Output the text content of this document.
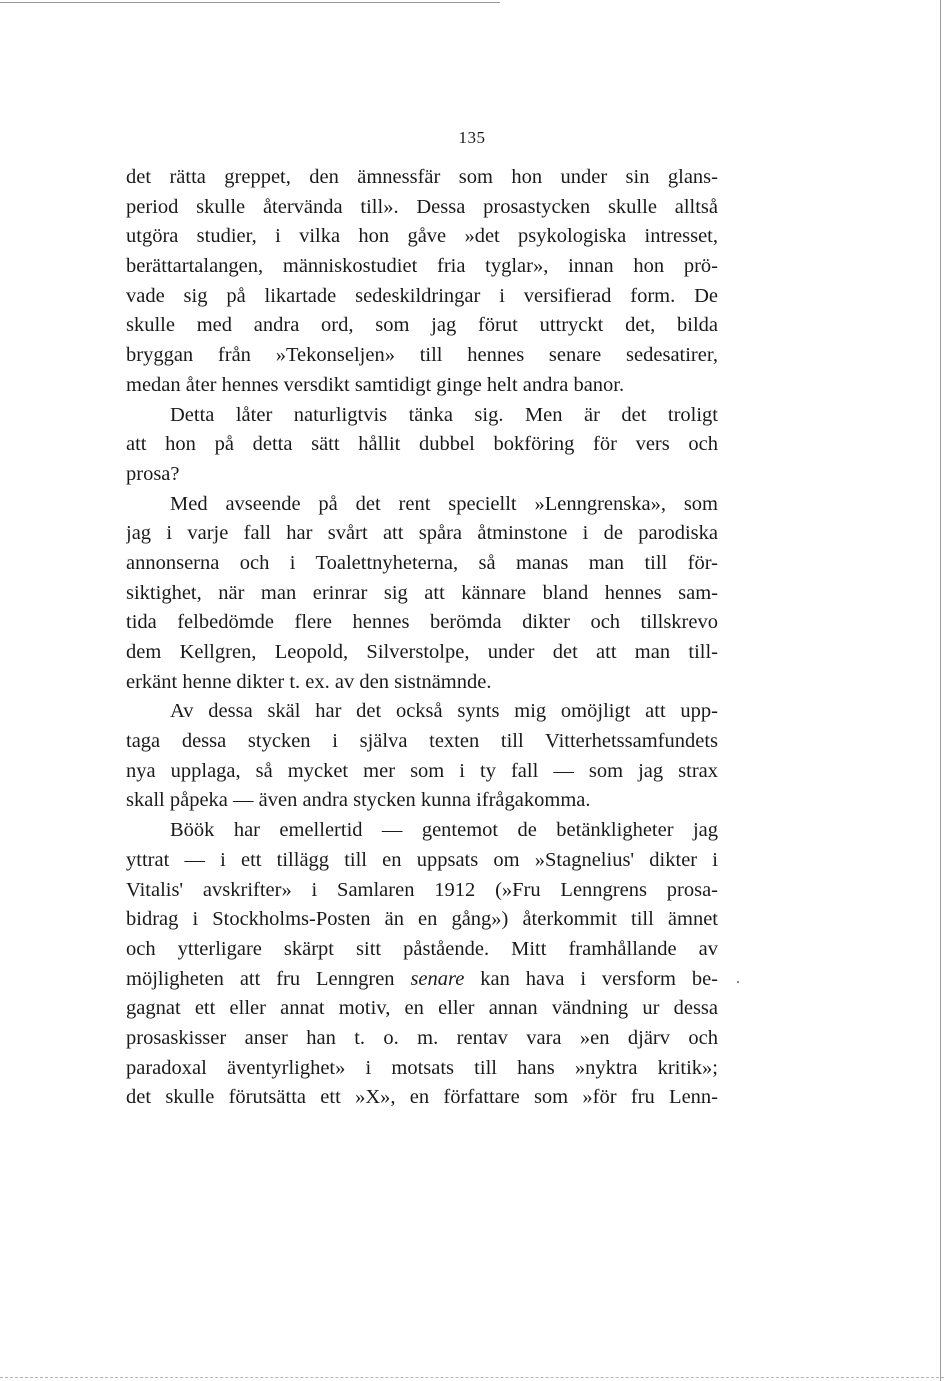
135
det rätta greppet, den ämnessfär som hon under sin glans-
period skulle återvända till». Dessa prosastycken skulle alltså
utgöra studier, i vilka hon gåve »det psykologiska intresset,
berättartalangen, människostudiet fria tyglar», innan hon prö-
vade sig på likartade sedeskildringar i versifierad form. De
skulle med andra ord, som jag förut uttryckt det, bilda
bryggan från »Tekonseljen» till hennes senare sedesatirer,
medan åter hennes versdikt samtidigt ginge helt andra banor.
Detta låter naturligtvis tänka sig. Men är det troligt
att hon på detta sätt hållit dubbel bokföring för vers och
prosa?
Med avseende på det rent speciellt »Lenngrenska», som
jag i varje fall har svårt att spåra åtminstone i de parodiska
annonserna och i Toalettnyheterna, så manas man till för-
siktighet, när man erinrar sig att kännare bland hennes sam-
tida felbedömde flere hennes berömda dikter och tillskrevo
dem Kellgren, Leopold, Silverstolpe, under det att man till-
erkänt henne dikter t. ex. av den sistnämnde.
Av dessa skäl har det också synts mig omöjligt att upp-
taga dessa stycken i själva texten till Vitterhetssamfundets
nya upplaga, så mycket mer som i ty fall — som jag strax
skall påpeka — även andra stycken kunna ifrågakomma.
Böök har emellertid — gentemot de betänkligheter jag
yttrat — i ett tillägg till en uppsats om »Stagnelius' dikter i
Vitalis' avskrifter» i Samlaren 1912 (»Fru Lenngrens prosa-
bidrag i Stockholms-Posten än en gång») återkommit till ämnet
och ytterligare skärpt sitt påstående. Mitt framhållande av
möjligheten att fru Lenngren senare kan hava i versform be-
gagnat ett eller annat motiv, en eller annan vändning ur dessa
prosaskisser anser han t. o. m. rentav vara »en djärv och
paradoxal äventyrlighet» i motsats till hans »nyktra kritik»;
det skulle förutsätta ett »X», en författare som »för fru Lenn-
